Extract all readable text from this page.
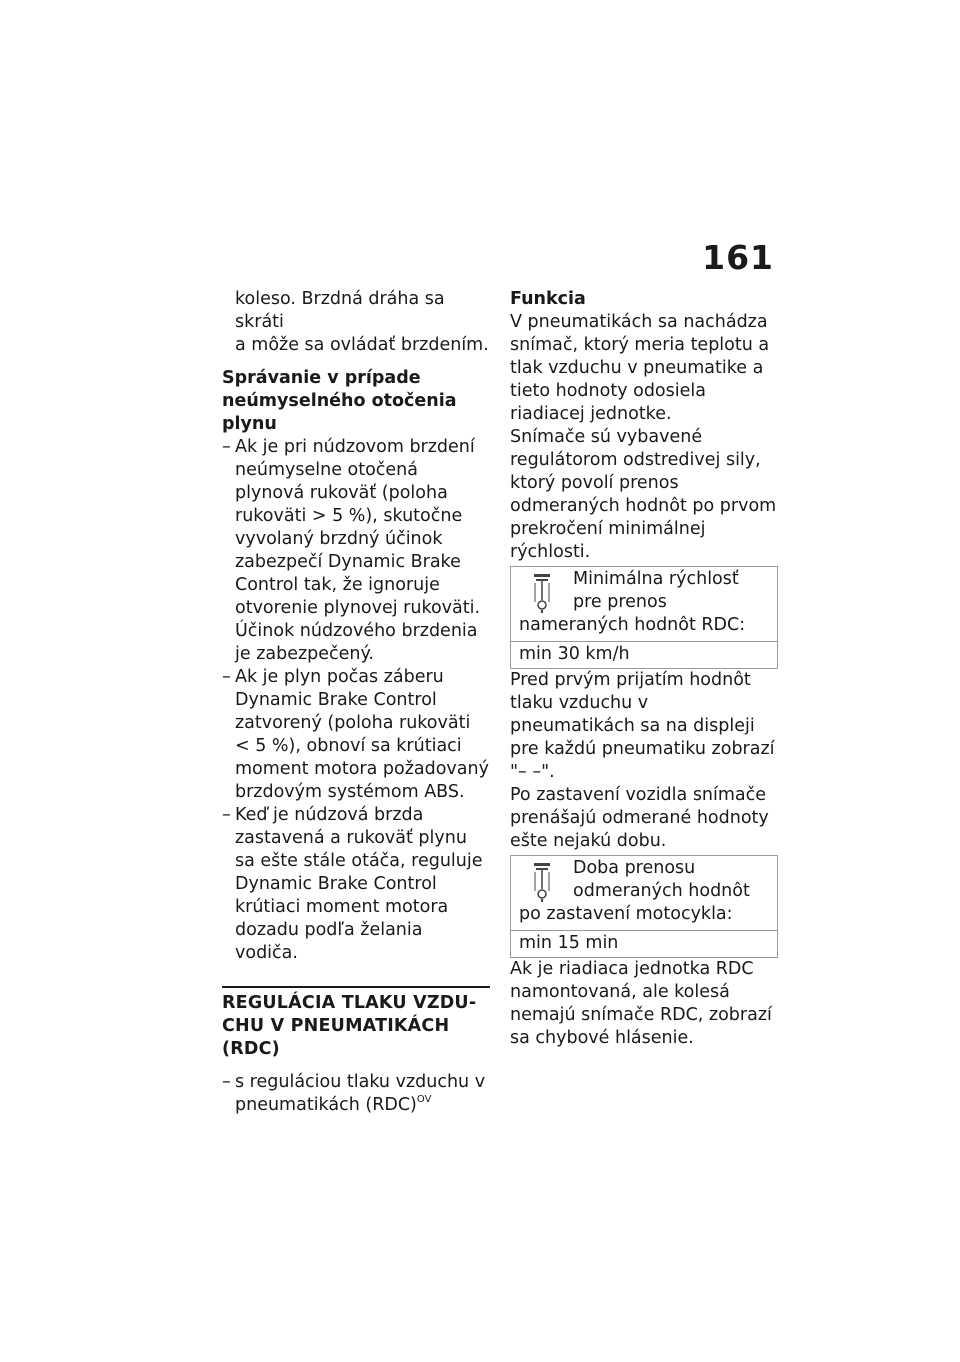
161
koleso. Brzdná dráha sa skráti
a môže sa ovládať brzdením.
Správanie v prípade
neúmyselného otočenia plynu
– Ak je pri núdzovom brzdení neúmyselne otočená plynová rukoväť (poloha rukoväti > 5 %), skutočne vyvolaný brzdný účinok zabezpečí Dynamic Brake Control tak, že ignoruje otvorenie plynovej rukoväti. Účinok núdzového brzdenia je zabezpečený.
– Ak je plyn počas záberu Dynamic Brake Control zatvorený (poloha rukoväti < 5 %), obnoví sa krútiaci moment motora požadovaný brzdovým systémom ABS.
– Keď je núdzová brzda zastavená a rukoväť plynu sa ešte stále otáča, reguluje Dynamic Brake Control krútiaci moment motora dozadu podľa želania vodiča.
REGULÁCIA TLAKU VZDU-
CHU V PNEUMATIKÁCH
(RDC)
– s reguláciou tlaku vzduchu v pneumatikách (RDC)$^{OV}$
Funkcia

V pneumatikách sa nachádza snímač, ktorý meria teplotu a tlak vzduchu v pneumatike a tieto hodnoty odosiela riadiacej jednotke.

Snímače sú vybavené regulátorom odstredivej sily, ktorý povolí prenos odmeraných hodnôt po prvom prekročení minimálnej rýchlosti.

Minimálna rýchlosť pre prenos nameraných hodnôt RDC:
min 30 km/h

Pred prvým prijatím hodnôt tlaku vzduchu v pneumatikách sa na displeji pre každú pneumatiku zobrazí "– –".

Po zastavení vozidla snímače prenášajú odmerané hodnoty ešte nejakú dobu.

Doba prenosu odmeraných hodnôt po zastavení motocykla:
min 15 min

Ak je riadiaca jednotka RDC namontovaná, ale kolesá nemajú snímače RDC, zobrazí sa chybové hlásenie.
